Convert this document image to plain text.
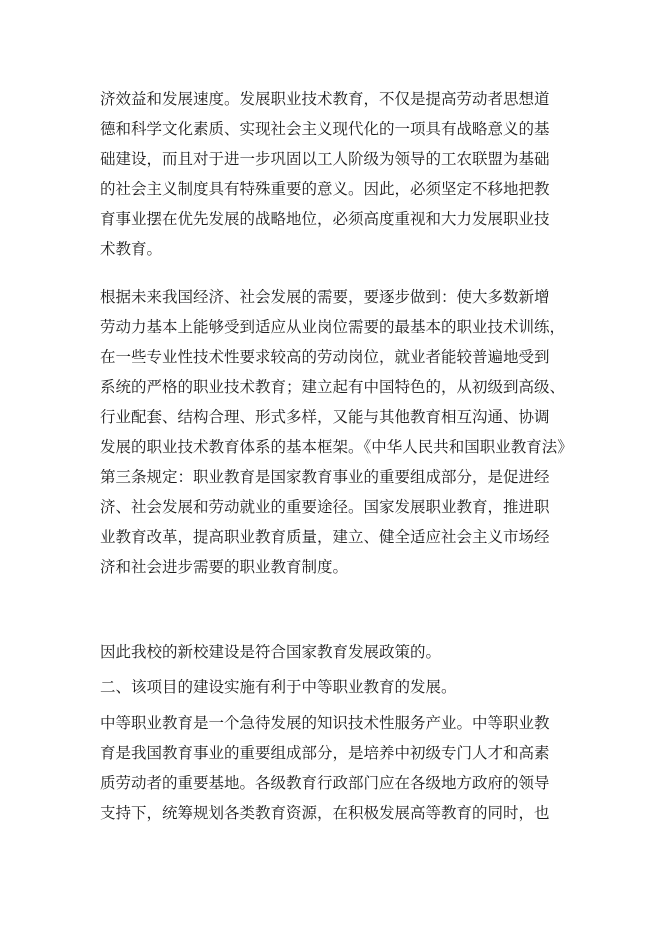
济效益和发展速度。发展职业技术教育，不仅是提高劳动者思想道
德和科学文化素质、实现社会主义现代化的一项具有战略意义的基
础建设，而且对于进一步巩固以工人阶级为领导的工农联盟为基础
的社会主义制度具有特殊重要的意义。因此，必须坚定不移地把教
育事业摆在优先发展的战略地位，必须高度重视和大力发展职业技
术教育。
根据未来我国经济、社会发展的需要，要逐步做到：使大多数新增
劳动力基本上能够受到适应从业岗位需要的最基本的职业技术训练，
在一些专业性技术性要求较高的劳动岗位，就业者能较普遍地受到
系统的严格的职业技术教育；建立起有中国特色的，从初级到高级、
行业配套、结构合理、形式多样，又能与其他教育相互沟通、协调
发展的职业技术教育体系的基本框架。《中华人民共和国职业教育法》
第三条规定：职业教育是国家教育事业的重要组成部分，是促进经
济、社会发展和劳动就业的重要途径。国家发展职业教育，推进职
业教育改革，提高职业教育质量，建立、健全适应社会主义市场经
济和社会进步需要的职业教育制度。
因此我校的新校建设是符合国家教育发展政策的。
二、该项目的建设实施有利于中等职业教育的发展。
中等职业教育是一个急待发展的知识技术性服务产业。中等职业教
育是我国教育事业的重要组成部分，是培养中初级专门人才和高素
质劳动者的重要基地。各级教育行政部门应在各级地方政府的领导
支持下，统筹规划各类教育资源，在积极发展高等教育的同时，也
